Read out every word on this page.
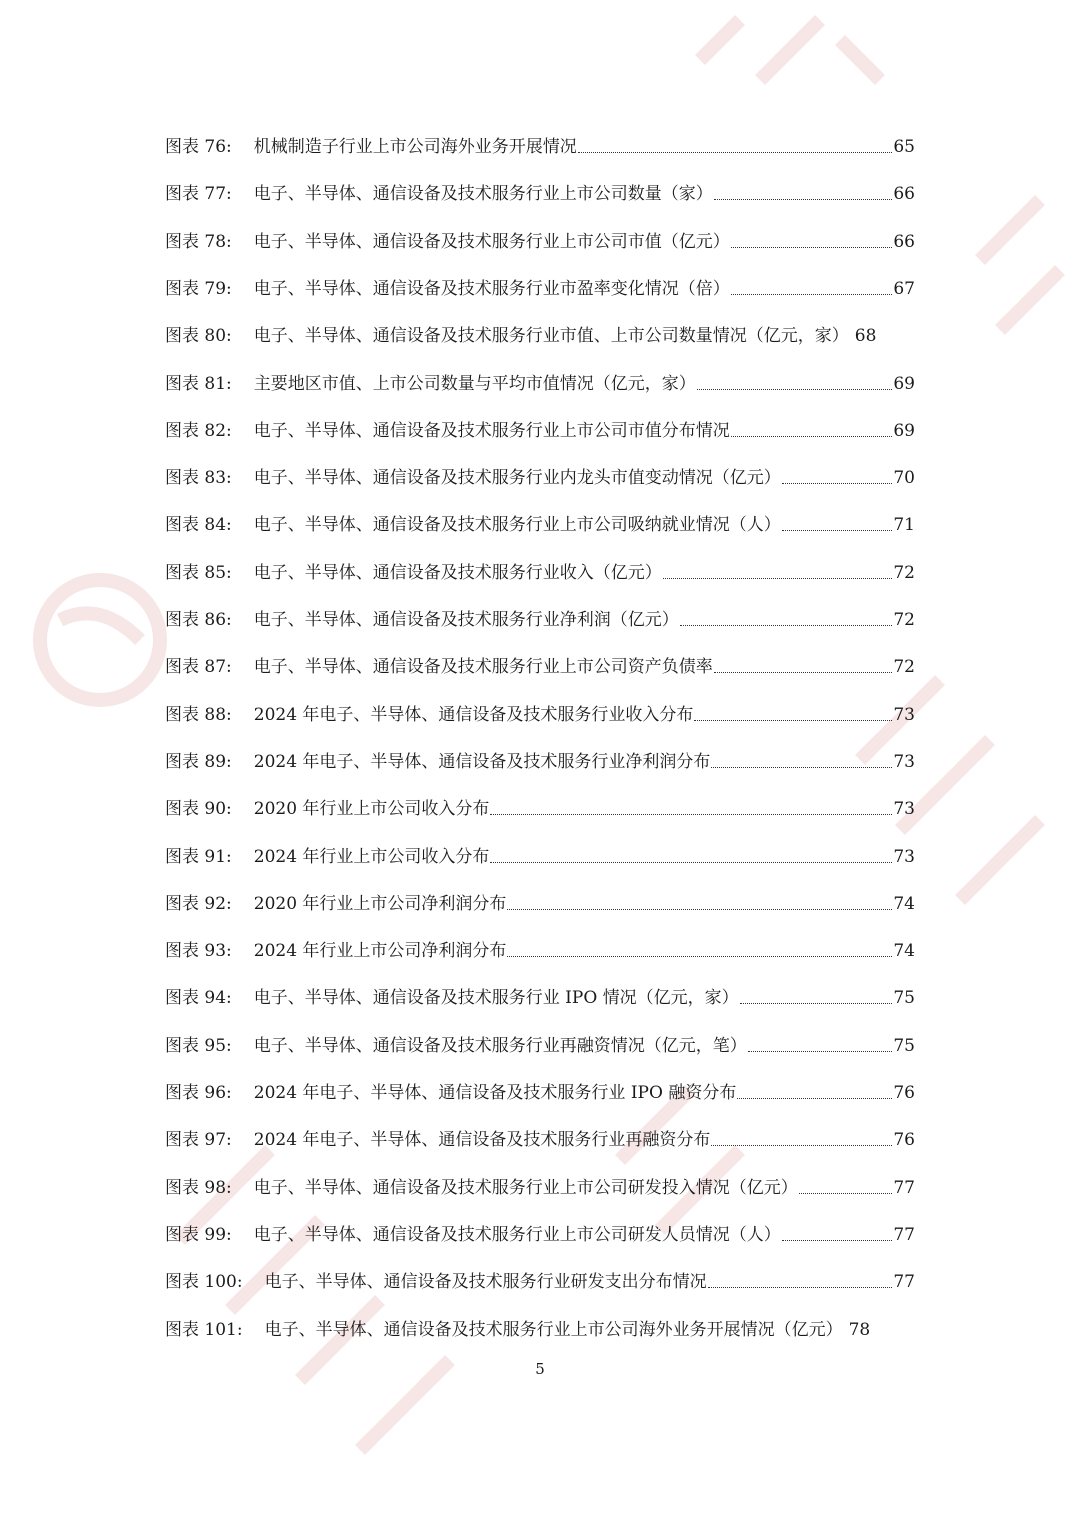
图表 76:	机械制造子行业上市公司海外业务开展情况	65
图表 77:	电子、半导体、通信设备及技术服务行业上市公司数量（家）	66
图表 78:	电子、半导体、通信设备及技术服务行业上市公司市值（亿元）	66
图表 79:	电子、半导体、通信设备及技术服务行业市盈率变化情况（倍）	67
图表 80:	电子、半导体、通信设备及技术服务行业市值、上市公司数量情况（亿元，家） 68
图表 81:	主要地区市值、上市公司数量与平均市值情况（亿元，家）	69
图表 82:	电子、半导体、通信设备及技术服务行业上市公司市值分布情况	69
图表 83:	电子、半导体、通信设备及技术服务行业内龙头市值变动情况（亿元）	70
图表 84:	电子、半导体、通信设备及技术服务行业上市公司吸纳就业情况（人）	71
图表 85:	电子、半导体、通信设备及技术服务行业收入（亿元）	72
图表 86:	电子、半导体、通信设备及技术服务行业净利润（亿元）	72
图表 87:	电子、半导体、通信设备及技术服务行业上市公司资产负债率	72
图表 88:	2024 年电子、半导体、通信设备及技术服务行业收入分布	73
图表 89:	2024 年电子、半导体、通信设备及技术服务行业净利润分布	73
图表 90:	2020 年行业上市公司收入分布	73
图表 91:	2024 年行业上市公司收入分布	73
图表 92:	2020 年行业上市公司净利润分布	74
图表 93:	2024 年行业上市公司净利润分布	74
图表 94:	电子、半导体、通信设备及技术服务行业 IPO 情况（亿元，家）	75
图表 95:	电子、半导体、通信设备及技术服务行业再融资情况（亿元，笔）	75
图表 96:	2024 年电子、半导体、通信设备及技术服务行业 IPO 融资分布	76
图表 97:	2024 年电子、半导体、通信设备及技术服务行业再融资分布	76
图表 98:	电子、半导体、通信设备及技术服务行业上市公司研发投入情况（亿元）	77
图表 99:	电子、半导体、通信设备及技术服务行业上市公司研发人员情况（人）	77
图表 100:	电子、半导体、通信设备及技术服务行业研发支出分布情况	77
图表 101:	电子、半导体、通信设备及技术服务行业上市公司海外业务开展情况（亿元） 78
5
